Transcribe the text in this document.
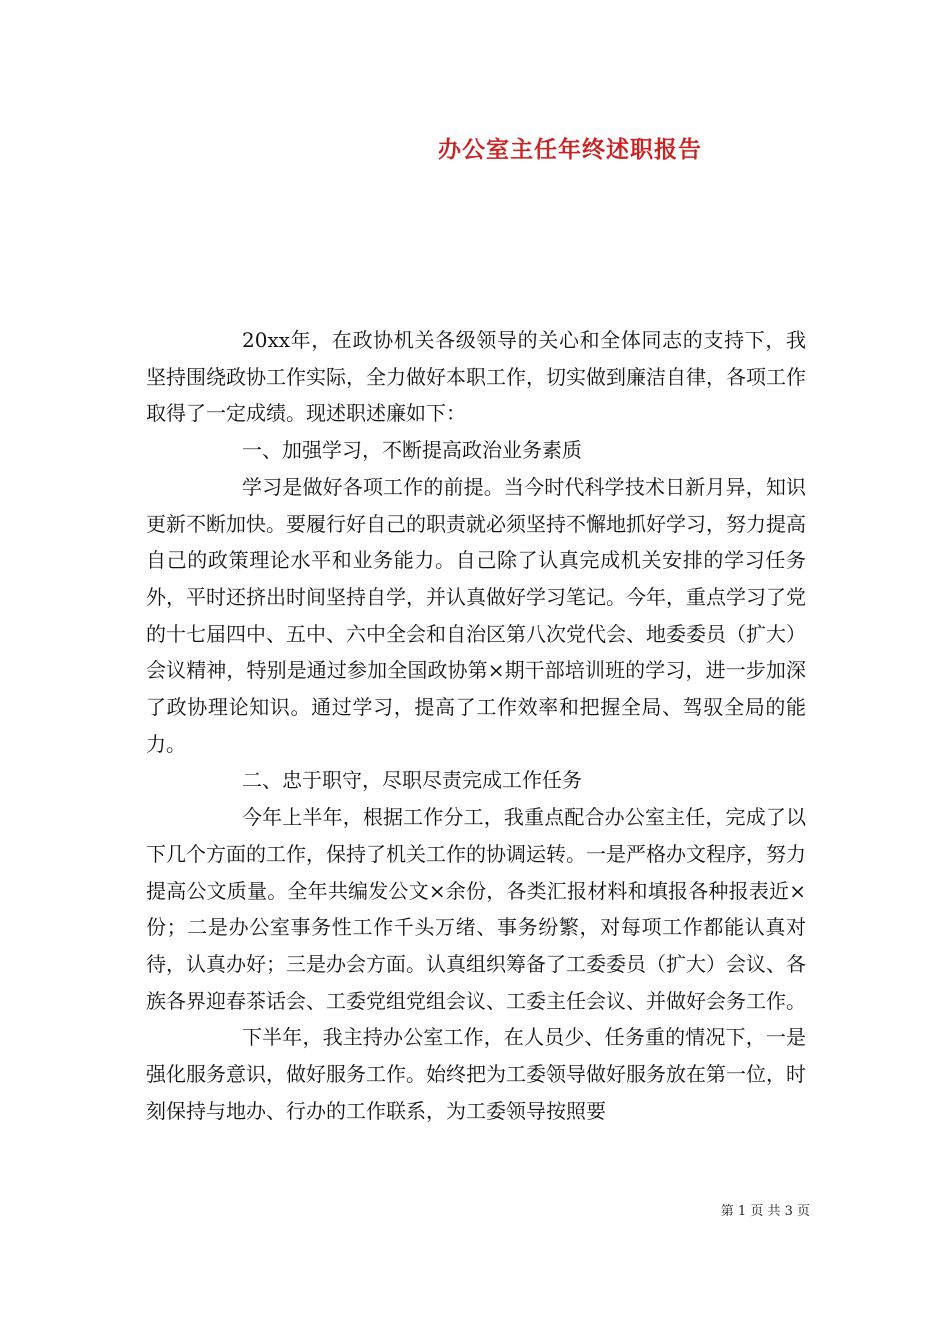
办公室主任年终述职报告

20xx年，在政协机关各级领导的关心和全体同志的支持下，我坚持围绕政协工作实际，全力做好本职工作，切实做到廉洁自律，各项工作取得了一定成绩。现述职述廉如下：

一、加强学习，不断提高政治业务素质

学习是做好各项工作的前提。当今时代科学技术日新月异，知识更新不断加快。要履行好自己的职责就必须坚持不懈地抓好学习，努力提高自己的政策理论水平和业务能力。自己除了认真完成机关安排的学习任务外，平时还挤出时间坚持自学，并认真做好学习笔记。今年，重点学习了党的十七届四中、五中、六中全会和自治区第八次党代会、地委委员（扩大）会议精神，特别是通过参加全国政协第×期干部培训班的学习，进一步加深了政协理论知识。通过学习，提高了工作效率和把握全局、驾驭全局的能力。

二、忠于职守，尽职尽责完成工作任务

今年上半年，根据工作分工，我重点配合办公室主任，完成了以下几个方面的工作，保持了机关工作的协调运转。一是严格办文程序，努力提高公文质量。全年共编发公文×余份，各类汇报材料和填报各种报表近×份；二是办公室事务性工作千头万绪、事务纷繁，对每项工作都能认真对待，认真办好；三是办会方面。认真组织筹备了工委委员（扩大）会议、各族各界迎春茶话会、工委党组党组会议、工委主任会议、并做好会务工作。

下半年，我主持办公室工作，在人员少、任务重的情况下，一是强化服务意识，做好服务工作。始终把为工委领导做好服务放在第一位，时刻保持与地办、行办的工作联系，为工委领导按照要

第 1 页 共 3 页
